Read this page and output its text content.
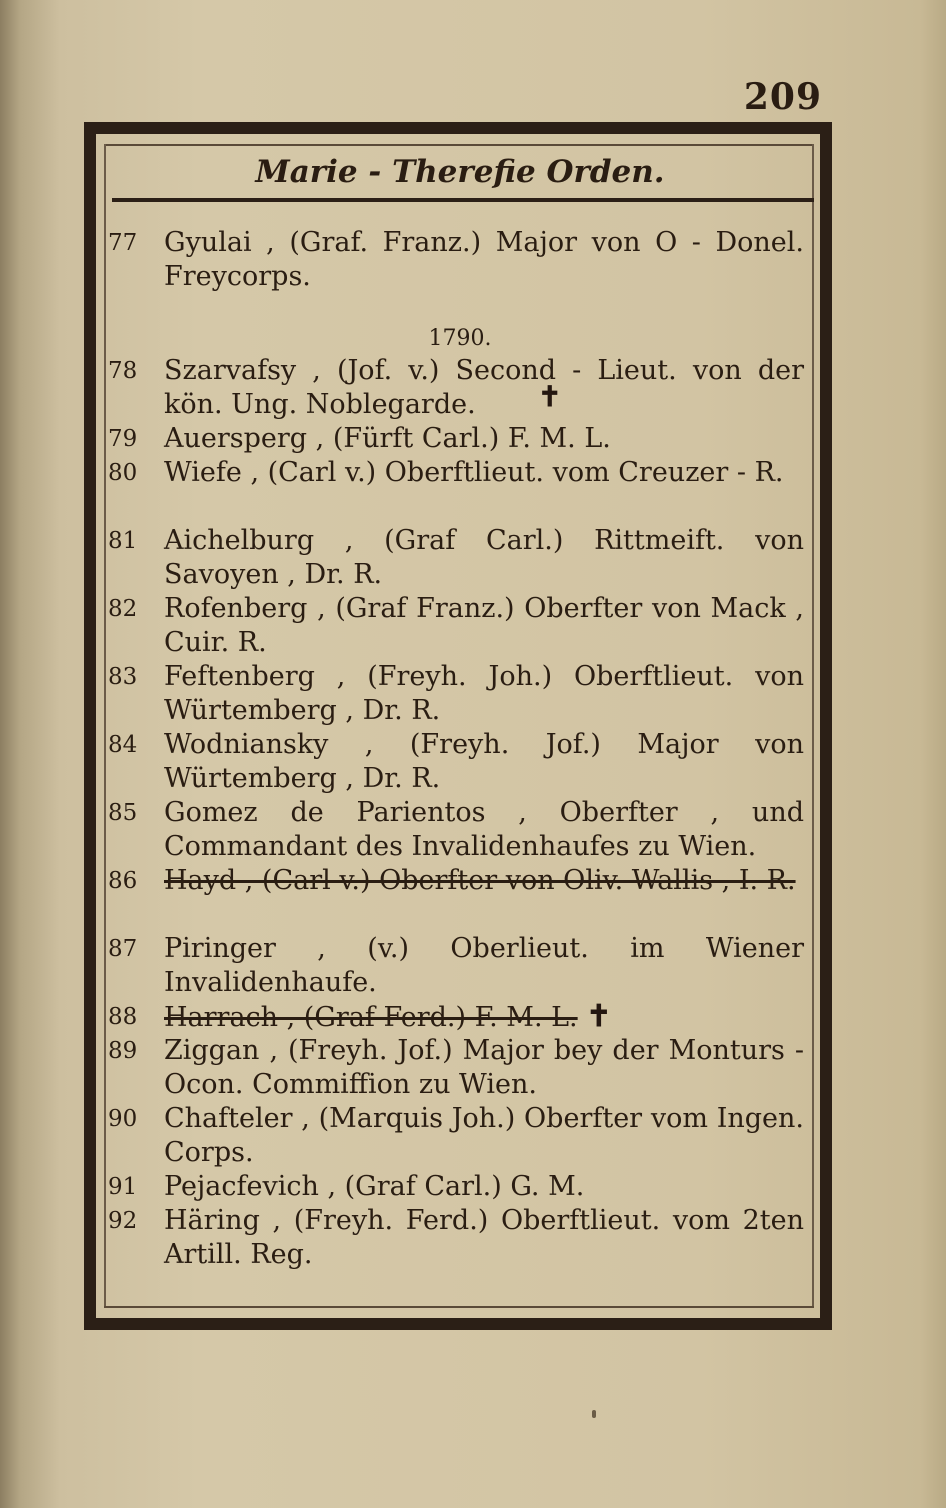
209
Marie - Therefie Orden.
1790.
77 Gyulai , (Graf. Franz.) Major von O - Donel. Freycorps.
78 Szarvafsy , (Jof. v.) Second - Lieut. von der kön. Ung. Noblegarde.
79 Auersperg , (Fürft Carl.) F. M. L.
80 Wiefe , (Carl v.) Oberftlieut. vom Creuzer - R.
81 Aichelburg , (Graf Carl.) Rittmeift. von Savoyen , Dr. R.
82 Rofenberg , (Graf Franz.) Oberfter von Mack , Cuir. R.
83 Feftenberg , (Freyh. Joh.) Oberftlieut. von Würtemberg , Dr. R.
84 Wodniansky , (Freyh. Jof.) Major von Würtemberg , Dr. R.
85 Gomez de Parientos , Oberfter , und Commandant des Invalidenhaufes zu Wien.
86 Hayd , (Carl v.) Oberfter von Oliv. Wallis , I. R.
87 Piringer , (v.) Oberlieut. im Wiener Invalidenhaufe.
88 Harrach , (Graf Ferd.) F. M. L. ✝
89 Ziggan , (Freyh. Jof.) Major bey der Monturs - Ocon. Commiffion zu Wien.
90 Chafteler , (Marquis Joh.) Oberfter vom Ingen. Corps.
91 Pejacfevich , (Graf Carl.) G. M.
92 Häring , (Freyh. Ferd.) Oberftlieut. vom 2ten Artill. Reg.
✝
